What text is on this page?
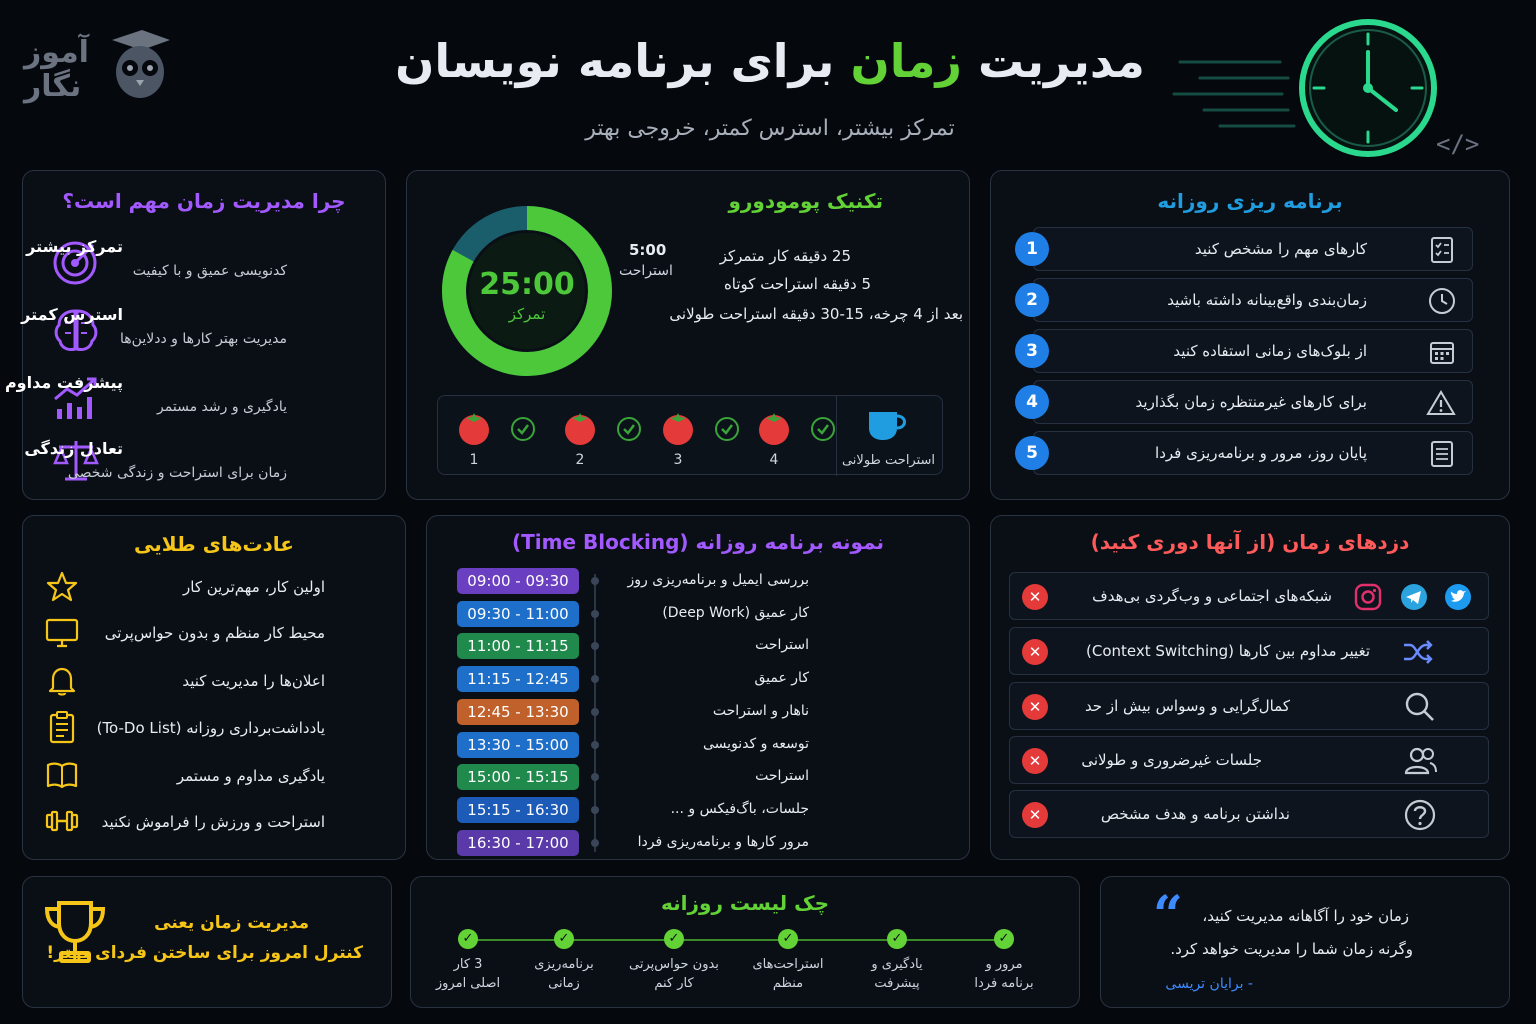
آموز
نگار	مدیریت زمان برای برنامه نویسان
تمرکز بیشتر، استرس کمتر، خروجی بهتر
</>
چرا مدیریت زمان مهم است؟
تمرکز بیشتر
کدنویسی عمیق و با کیفیت
استرس کمتر
مدیریت بهتر کارها و ددلاین‌ها
پیشرفت مداوم
یادگیری و رشد مستمر
تعادل زندگی
زمان برای استراحت و زندگی شخصی
تکنیک پومودورو
25:00
تمرکز
5:00
استراحت
25 دقیقه کار متمرکز
5 دقیقه استراحت کوتاه
بعد از 4 چرخه، 15-30 دقیقه استراحت طولانی
1	2	3	4	استراحت طولانی
برنامه ریزی روزانه
کارهای مهم را مشخص کنید
1
زمان‌بندی واقع‌بینانه داشته باشید
2
از بلوک‌های زمانی استفاده کنید
3
برای کارهای غیرمنتظره زمان بگذارید
4
پایان روز، مرور و برنامه‌ریزی فردا
5
عادت‌های طلایی
اولین کار، مهم‌ترین کار
محیط کار منظم و بدون حواس‌پرتی
اعلان‌ها را مدیریت کنید
یادداشت‌برداری روزانه (To-Do List)
یادگیری مداوم و مستمر
استراحت و ورزش را فراموش نکنید
نمونه برنامه روزانه (Time Blocking)
09:00 - 09:30	بررسی ایمیل و برنامه‌ریزی روز
09:30 - 11:00	کار عمیق (Deep Work)
11:00 - 11:15	استراحت
11:15 - 12:45	کار عمیق
12:45 - 13:30	ناهار و استراحت
13:30 - 15:00	توسعه و کدنویسی
15:00 - 15:15	استراحت
15:15 - 16:30	جلسات، باگ‌فیکس و ...
16:30 - 17:00	مرور کارها و برنامه‌ریزی فردا
دزدهای زمان (از آنها دوری کنید)
✕	شبکه‌های اجتماعی و وب‌گردی بی‌هدف
✕	تغییر مداوم بین کارها (Context Switching)
✕	کمال‌گرایی و وسواس بیش از حد
✕	جلسات غیرضروری و طولانی
✕	نداشتن برنامه و هدف مشخص
مدیریت زمان یعنی
کنترل امروز برای ساختن فردای بهتر!
چک لیست روزانه
✓
3 کار
اصلی امروز
✓
برنامه‌ریزی
زمانی
✓
بدون حواس‌پرتی
کار کنم
✓
استراحت‌های
منظم
✓
یادگیری و
پیشرفت
✓
مرور و
برنامه فردا
“ زمان خود را آگاهانه مدیریت کنید،
وگرنه زمان شما را مدیریت خواهد کرد.
- برایان تریسی
